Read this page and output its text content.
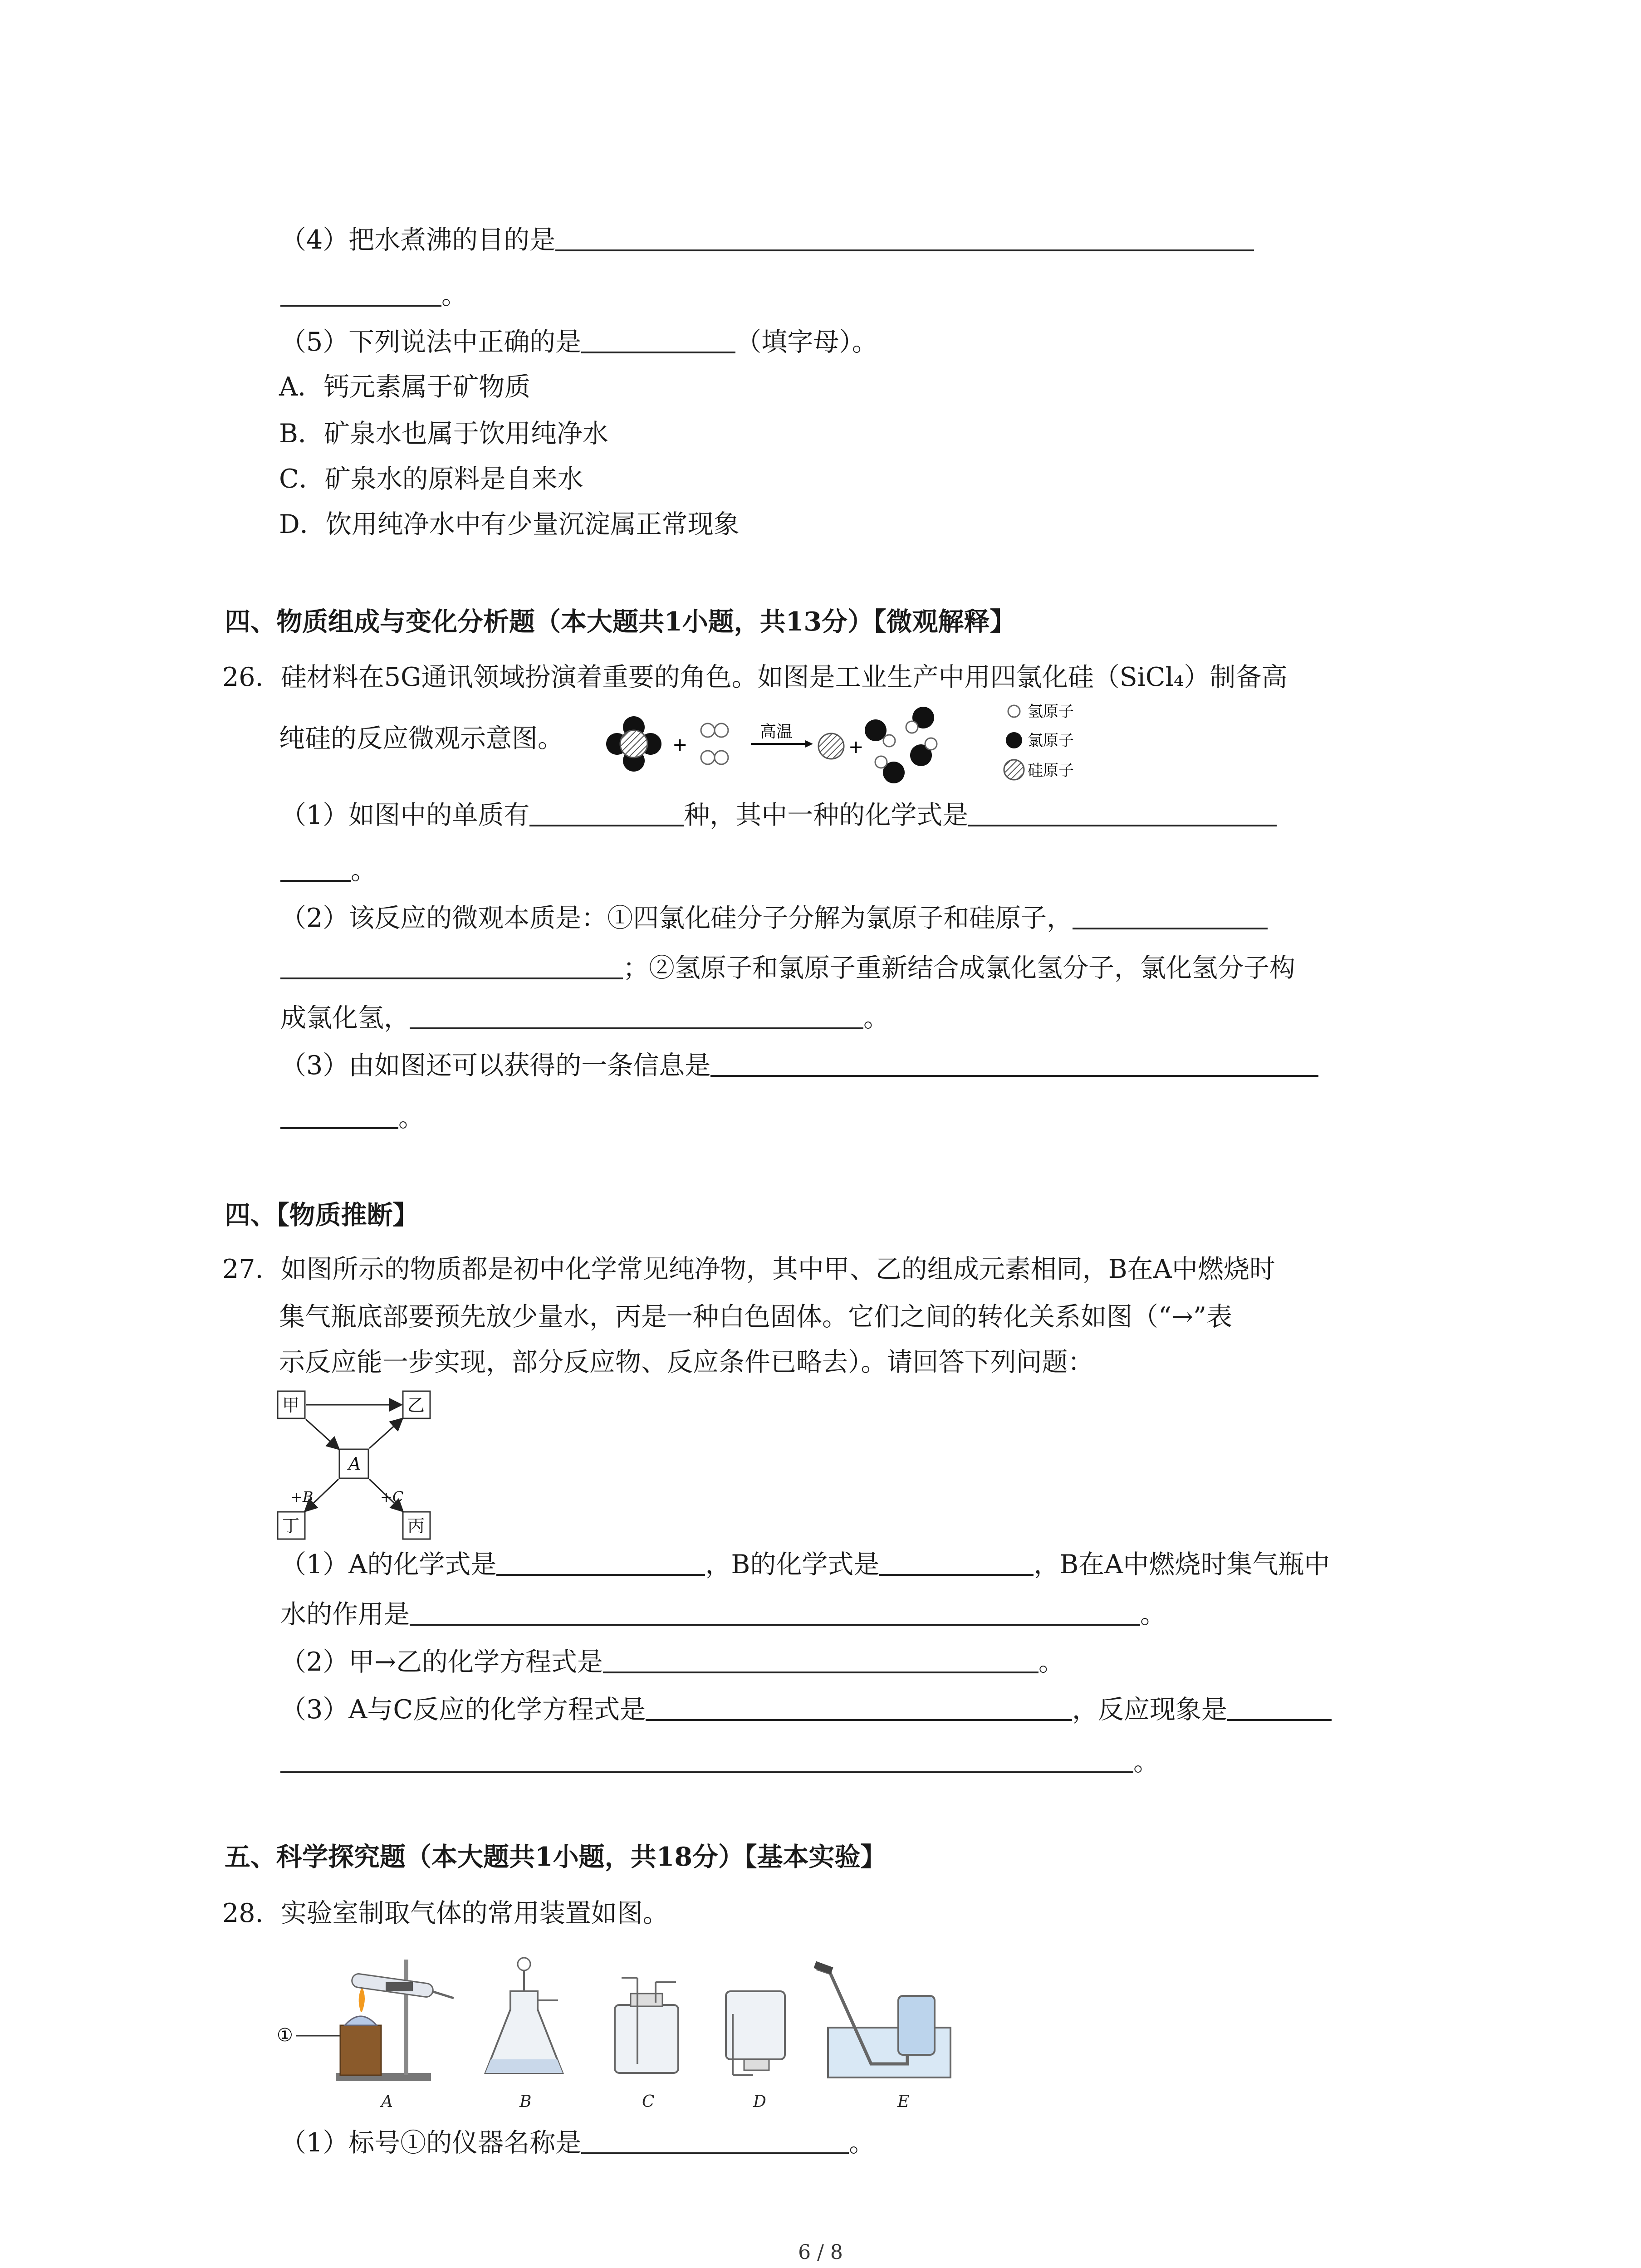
（4）把水煮沸的目的是
。
（5）下列说法中正确的是	（填字母）。
A．钙元素属于矿物质
B．矿泉水也属于饮用纯净水
C．矿泉水的原料是自来水
D．饮用纯净水中有少量沉淀属正常现象
四、物质组成与变化分析题（本大题共1小题，共13分）【微观解释】
26. 硅材料在5G通讯领域扮演着重要的角色。如图是工业生产中用四氯化硅（SiCl₄）制备高
纯硅的反应微观示意图。	+
高温
+
氢原子
氯原子
硅原子
（1）如图中的单质有	种，其中一种的化学式是
。
（2）该反应的微观本质是：①四氯化硅分子分解为氯原子和硅原子，
；②氢原子和氯原子重新结合成氯化氢分子，氯化氢分子构
成氯化氢，	。
（3）由如图还可以获得的一条信息是
。
四、【物质推断】
27. 如图所示的物质都是初中化学常见纯净物，其中甲、乙的组成元素相同，B在A中燃烧时
集气瓶底部要预先放少量水，丙是一种白色固体。它们之间的转化关系如图（“→”表
示反应能一步实现，部分反应物、反应条件已略去）。请回答下列问题：
甲	乙
A
丁	丙
+B	+C
（1）A的化学式是	，B的化学式是	，B在A中燃烧时集气瓶中
水的作用是	。
（2）甲→乙的化学方程式是	。
（3）A与C反应的化学方程式是	，反应现象是
。
五、科学探究题（本大题共1小题，共18分）【基本实验】
28. 实验室制取气体的常用装置如图。
①
A	B	C	D	E
（1）标号①的仪器名称是	。
6 / 8
